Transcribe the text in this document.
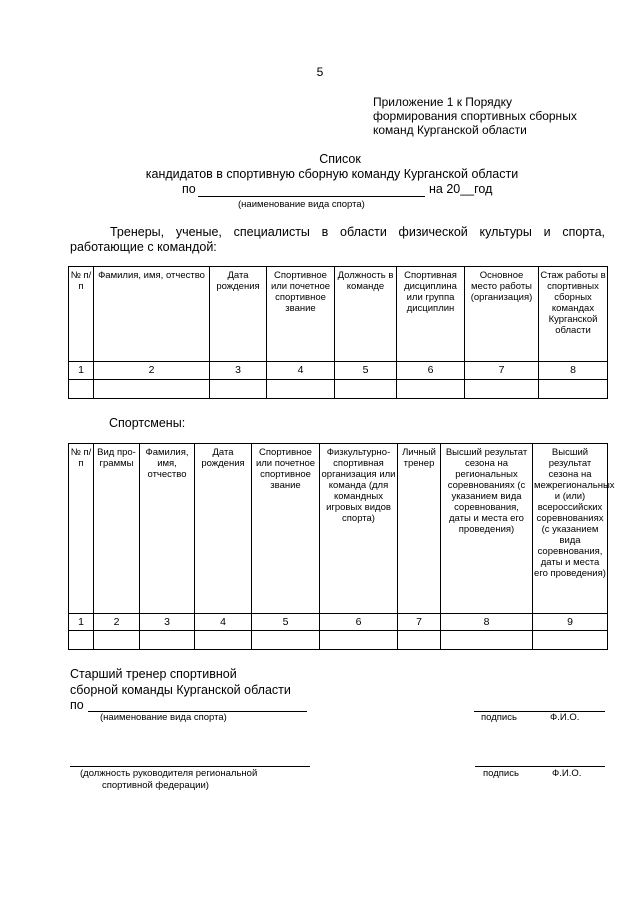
5
Приложение 1 к Порядку
формирования спортивных сборных
команд Курганской области
Список
кандидатов в спортивную сборную команду Курганской области
по	на 20__год
(наименование вида спорта)
Тренеры, ученые, специалисты в области физической культуры и спорта,
работающие с командой:
№ п/п	Фамилия, имя, отчество	Дата рождения	Спортивное или почетное спортивное звание	Должность в команде	Спортивная дисциплина или группа дисциплин	Основное место работы (организация)	Стаж работы в спортивных сборных командах Курганской области
1	2	3	4	5	6	7	8

Спортсмены:
№ п/п	Вид про-граммы	Фамилия, имя, отчество	Дата рождения	Спортивное или почетное спортивное звание	Физкультурно-спортивная организация или команда (для командных игровых видов спорта)	Личный тренер	Высший результат сезона на региональных соревнованиях (с указанием вида соревнования, даты и места его проведения)	Высший результат сезона на межрегиональных и (или) всероссийских соревнованиях (с указанием вида соревнования, даты и места его проведения)
1	2	3	4	5	6	7	8	9

Старший тренер спортивной
сборной команды Курганской области
по
(наименование вида спорта)	подпись	Ф.И.О.
(должность руководителя региональной
спортивной федерации)
подпись	Ф.И.О.
